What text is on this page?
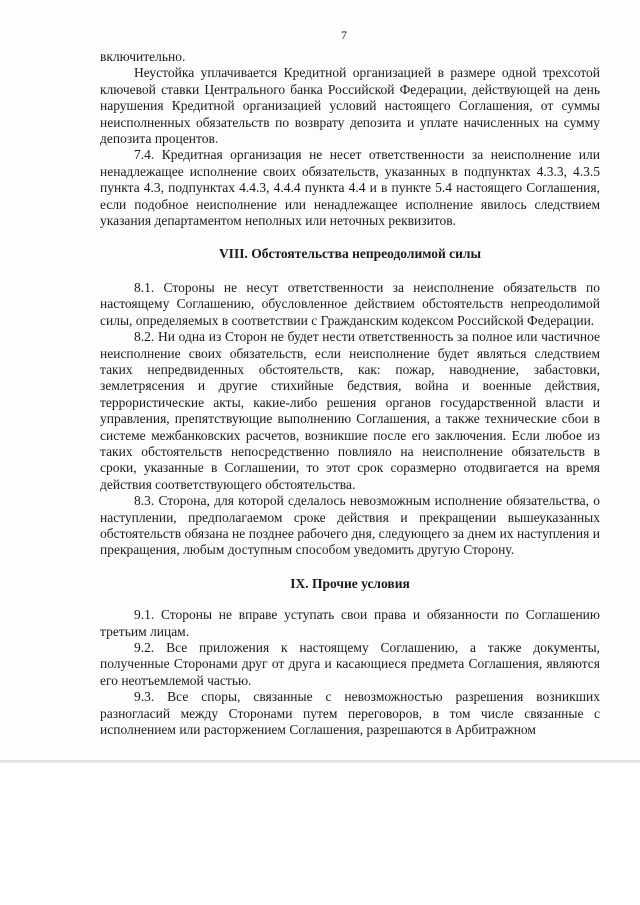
7

включительно.

Неустойка уплачивается Кредитной организацией в размере одной трехсотой ключевой ставки Центрального банка Российской Федерации, действующей на день нарушения Кредитной организацией условий настоящего Соглашения, от суммы неисполненных обязательств по возврату депозита и уплате начисленных на сумму депозита процентов.

7.4. Кредитная организация не несет ответственности за неисполнение или ненадлежащее исполнение своих обязательств, указанных в подпунктах 4.3.3, 4.3.5 пункта 4.3, подпунктах 4.4.3, 4.4.4 пункта 4.4 и в пункте 5.4 настоящего Соглашения, если подобное неисполнение или ненадлежащее исполнение явилось следствием указания департаментом неполных или неточных реквизитов.

VIII. Обстоятельства непреодолимой силы

8.1. Стороны не несут ответственности за неисполнение обязательств по настоящему Соглашению, обусловленное действием обстоятельств непреодолимой силы, определяемых в соответствии с Гражданским кодексом Российской Федерации.

8.2. Ни одна из Сторон не будет нести ответственность за полное или частичное неисполнение своих обязательств, если неисполнение будет являться следствием таких непредвиденных обстоятельств, как: пожар, наводнение, забастовки, землетрясения и другие стихийные бедствия, война и военные действия, террористические акты, какие-либо решения органов государственной власти и управления, препятствующие выполнению Соглашения, а также технические сбои в системе межбанковских расчетов, возникшие после его заключения. Если любое из таких обстоятельств непосредственно повлияло на неисполнение обязательств в сроки, указанные в Соглашении, то этот срок соразмерно отодвигается на время действия соответствующего обстоятельства.

8.3. Сторона, для которой сделалось невозможным исполнение обязательства, о наступлении, предполагаемом сроке действия и прекращении вышеуказанных обстоятельств обязана не позднее рабочего дня, следующего за днем их наступления и прекращения, любым доступным способом уведомить другую Сторону.

IX. Прочие условия

9.1. Стороны не вправе уступать свои права и обязанности по Соглашению третьим лицам.

9.2. Все приложения к настоящему Соглашению, а также документы, полученные Сторонами друг от друга и касающиеся предмета Соглашения, являются его неотъемлемой частью.

9.3. Все споры, связанные с невозможностью разрешения возникших разногласий между Сторонами путем переговоров, в том числе связанные с исполнением или расторжением Соглашения, разрешаются в Арбитражном
